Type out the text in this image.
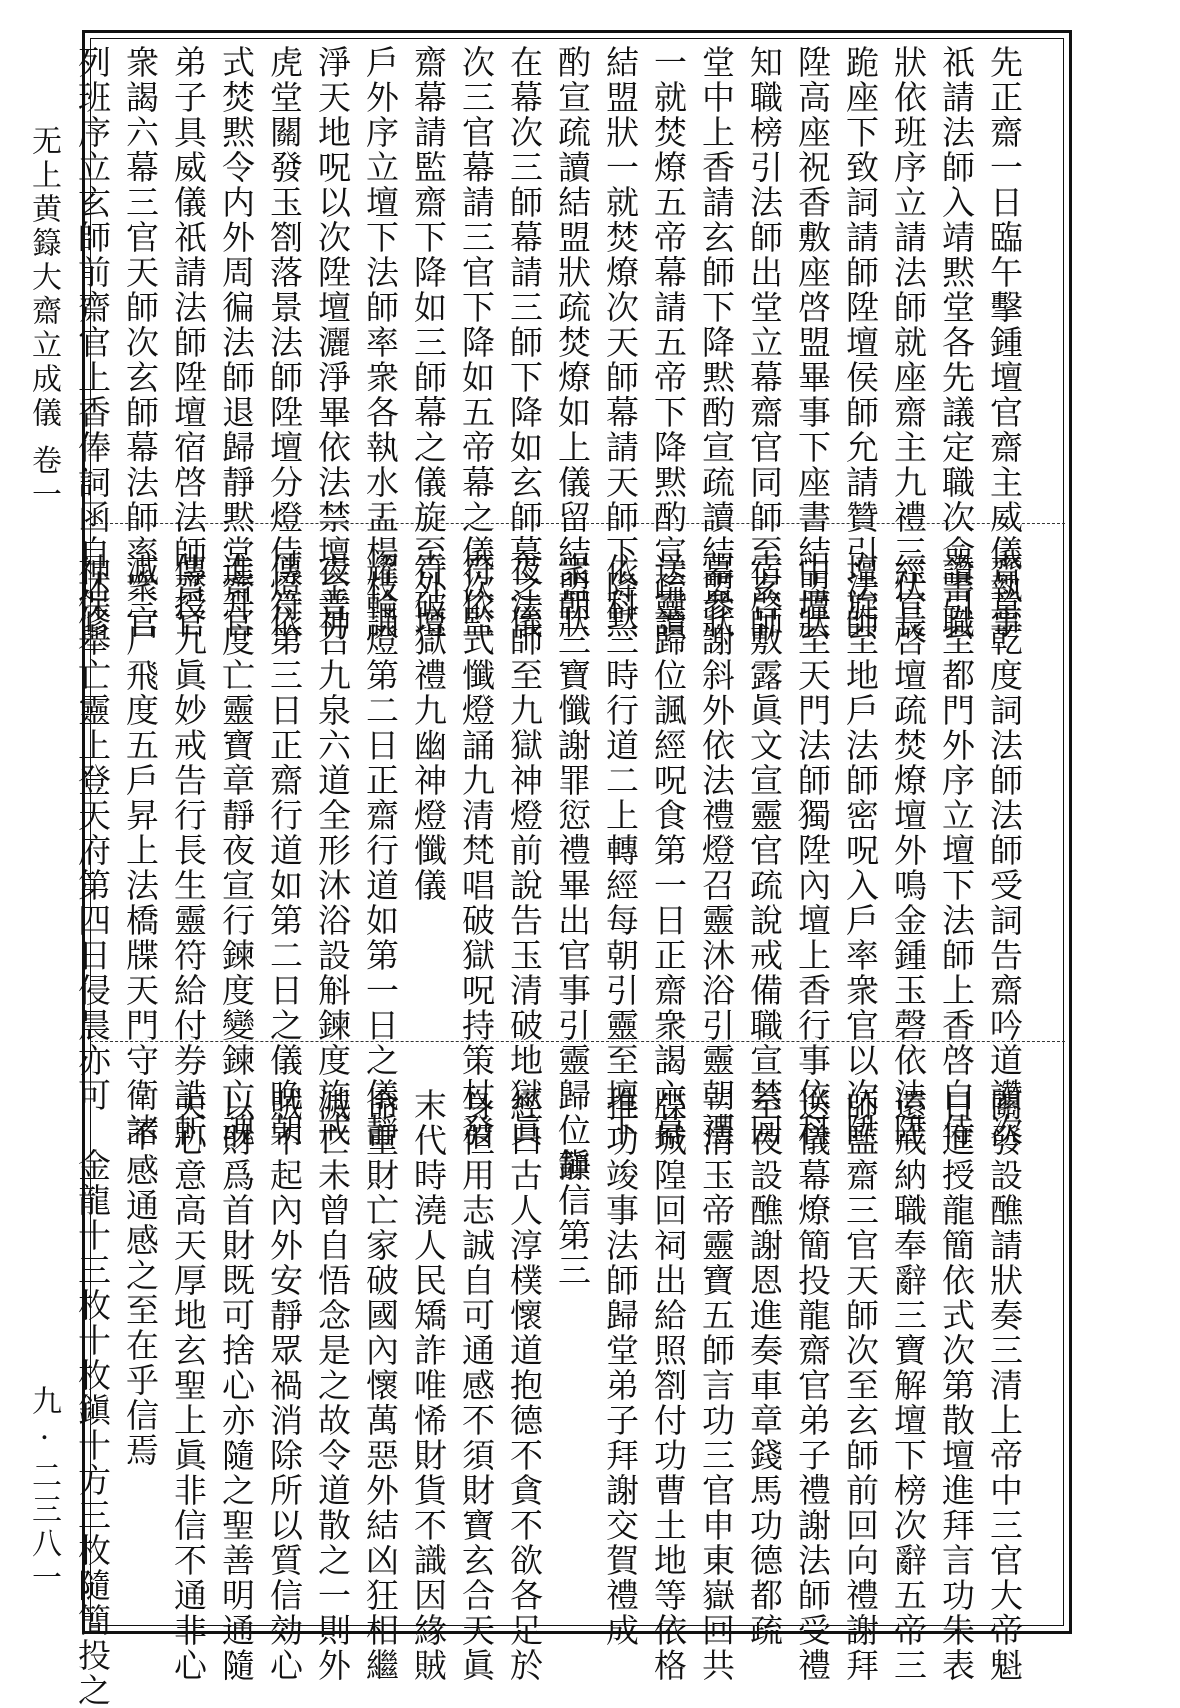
无上黄籙大齋立成儀 卷一
九 · 二三八一
先正齋一日臨午擊鍾壇官齋主威儀執事
祇請法師入靖黙堂各先議定職次僉書職
狀依班序立請法師就座齋主九禮三伏長
跪座下致詞請師陞壇侯師允請贊引法師
陞高座祝香敷座啓盟畢事下座書結盟狀
知職榜引法師出堂立幕齋官同師至玄師
堂中上香請玄師下降黙酌宣疏讀結盟狀
一就焚燎五帝幕請五帝下降黙酌宣疏讀
結盟狀一就焚燎次天師幕請天師下降黙
酌宣疏讀結盟狀疏焚燎如上儀留結盟狀
在幕次三師幕請三師下降如玄師幕之儀
次三官幕請三官下降如五帝幕之儀次監
齋幕請監齋下降如三師幕之儀旋至外壇
戶外序立壇下法師率衆各執水盂楊枝誦
淨天地呪以次陞壇灑淨畢依法禁壇至神
虎堂關發玉劄落景法師陞壇分燈侍燈依
式焚黙令内外周徧法師退歸靜黙堂齋官
弟子具威儀祇請法師陞壇宿啓法師齋官
衆謁六幕三官天師次玄師幕法師率衆官
列班序立玄師前齋官上香俸詞函自述修
齋意乾度詞法師法師受詞告齋吟道讚次
讚引至都門外序立壇下法師上香啓白侍
經宣啓壇疏焚燎壇外鳴金鍾玉磬依法陞
壇旋至地戶法師密呪入戶率衆官以次陞
中壇至天門法師獨陞內壇上香行事依科
宿啓敷露眞文宣靈官疏說戒備職宣禁回
幕參謝斜外依法禮燈召靈沐浴引靈朝禮
送靈歸位諷經呪食第一日正齋衆謁六幕
依科三時行道二上轉經每朝引靈至壇下
衆朝三寶懺謝罪愆禮畢出官事引靈歸位靜
夜法師至九獄神燈前說告玉清破地獄眞
符依式懺燈誦九清梵唱破獄呪持策杖發
符破獄禮九幽神燈懺儀
耀輪燈第二日正齋行道如第一日之儀靜
夜普召九泉六道全形沐浴設斛鍊度施戒
傳符第三日正齋行道如第二日之儀晚朝
進升度亡靈寶章靜夜宣行鍊度變鍊亡魂
傳授九眞妙戒告行長生靈符給付券誥斬
滅三尸飛度五戶昇上法橋牒天門守衛諸
神保舉亡靈上登天府第四日侵晨亦可
關發設醮請狀奏三清上帝中三官大帝魁
日進授龍簡依式次第散壇進拜言功朱表
還戒納職奉辭三寶解壇下榜次辭五帝三
師監齋三官天師次至玄師前回向禮謝拜
送儀幕燎簡投龍齋官弟子禮謝法師受禮
至夜設醮謝恩進奏車章錢馬功德都疏
三清玉帝靈寶五師言功三官申東嶽回共
牒城隍回祠出給照劄付功曹土地等依格
推功竣事法師歸堂弟子拜謝交賀禮成
鎭信第三
經曰古人淳樸懷道抱德不貪不欲各足於
身但用志誠自可通感不須財寶玄合天眞
末代時澆人民矯詐唯悕財貨不識因緣賊
命重財亡家破國內懷萬惡外結凶狂相繼
滅亡未曾自悟念是之故令道散之一則外
賊不起內外安靜眾禍消除所以質信効心
以財爲首財既可捨心亦隨之聖善明通隨
夫心意高天厚地玄聖上眞非信不通非心
不感通感之至在乎信焉
金龍十三枚十枚鎭十方三枚隨簡投之
